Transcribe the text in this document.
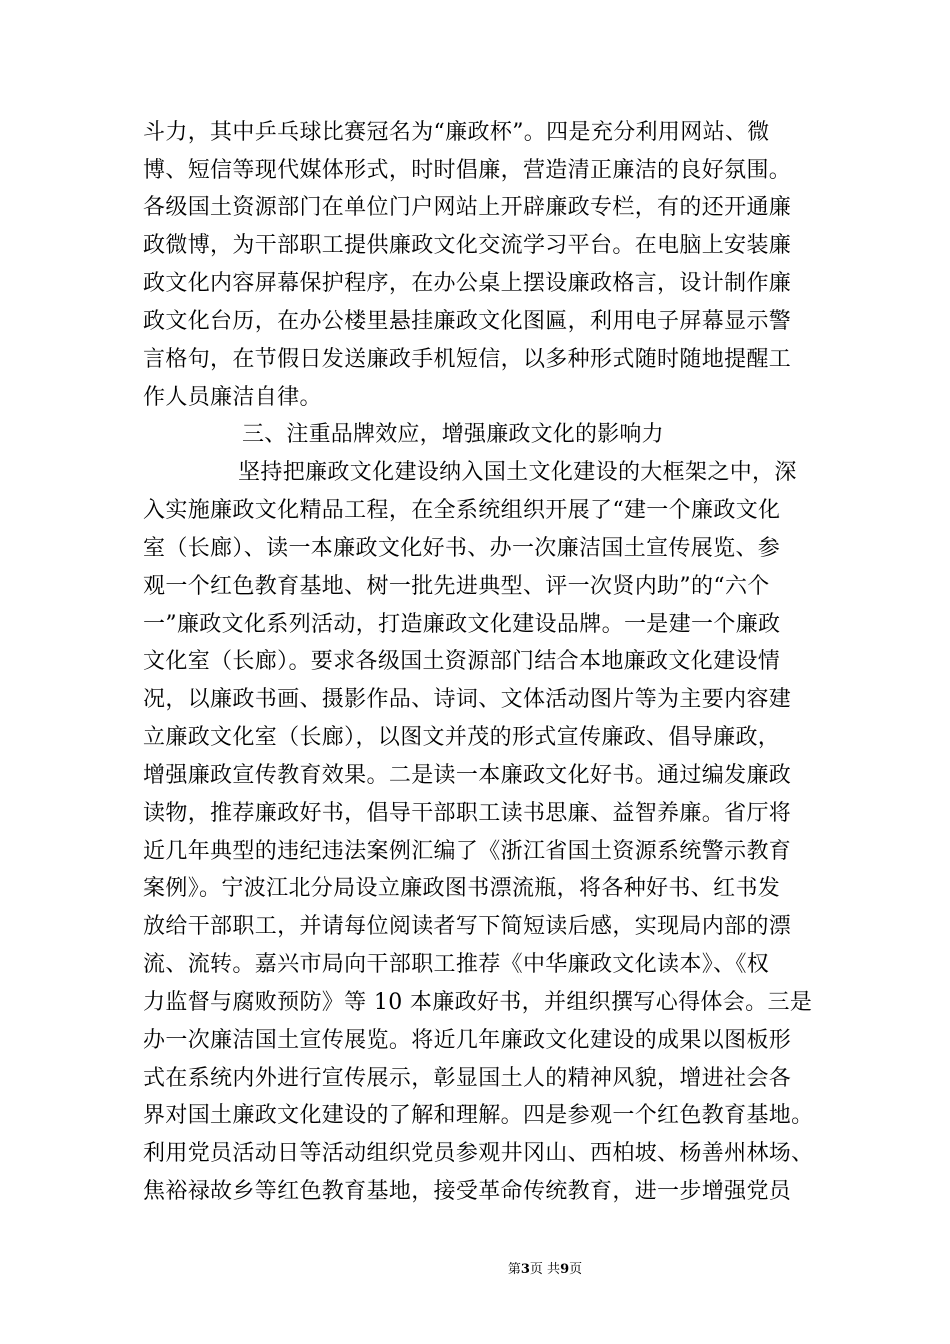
斗力，其中乒乓球比赛冠名为“廉政杯”。四是充分利用网站、微
博、短信等现代媒体形式，时时倡廉，营造清正廉洁的良好氛围。
各级国土资源部门在单位门户网站上开辟廉政专栏，有的还开通廉
政微博，为干部职工提供廉政文化交流学习平台。在电脑上安装廉
政文化内容屏幕保护程序，在办公桌上摆设廉政格言，设计制作廉
政文化台历，在办公楼里悬挂廉政文化图匾，利用电子屏幕显示警
言格句，在节假日发送廉政手机短信，以多种形式随时随地提醒工
作人员廉洁自律。
三、注重品牌效应，增强廉政文化的影响力
坚持把廉政文化建设纳入国土文化建设的大框架之中，深
入实施廉政文化精品工程，在全系统组织开展了“建一个廉政文化
室（长廊）、读一本廉政文化好书、办一次廉洁国土宣传展览、参
观一个红色教育基地、树一批先进典型、评一次贤内助”的“六个
一”廉政文化系列活动，打造廉政文化建设品牌。一是建一个廉政
文化室（长廊）。要求各级国土资源部门结合本地廉政文化建设情
况，以廉政书画、摄影作品、诗词、文体活动图片等为主要内容建
立廉政文化室（长廊），以图文并茂的形式宣传廉政、倡导廉政，
增强廉政宣传教育效果。二是读一本廉政文化好书。通过编发廉政
读物，推荐廉政好书，倡导干部职工读书思廉、益智养廉。省厅将
近几年典型的违纪违法案例汇编了《浙江省国土资源系统警示教育
案例》。宁波江北分局设立廉政图书漂流瓶，将各种好书、红书发
放给干部职工，并请每位阅读者写下简短读后感，实现局内部的漂
流、流转。嘉兴市局向干部职工推荐《中华廉政文化读本》、《权
力监督与腐败预防》等 10 本廉政好书，并组织撰写心得体会。三是
办一次廉洁国土宣传展览。将近几年廉政文化建设的成果以图板形
式在系统内外进行宣传展示，彰显国土人的精神风貌，增进社会各
界对国土廉政文化建设的了解和理解。四是参观一个红色教育基地。
利用党员活动日等活动组织党员参观井冈山、西柏坡、杨善州林场、
焦裕禄故乡等红色教育基地，接受革命传统教育，进一步增强党员
第3页 共9页
